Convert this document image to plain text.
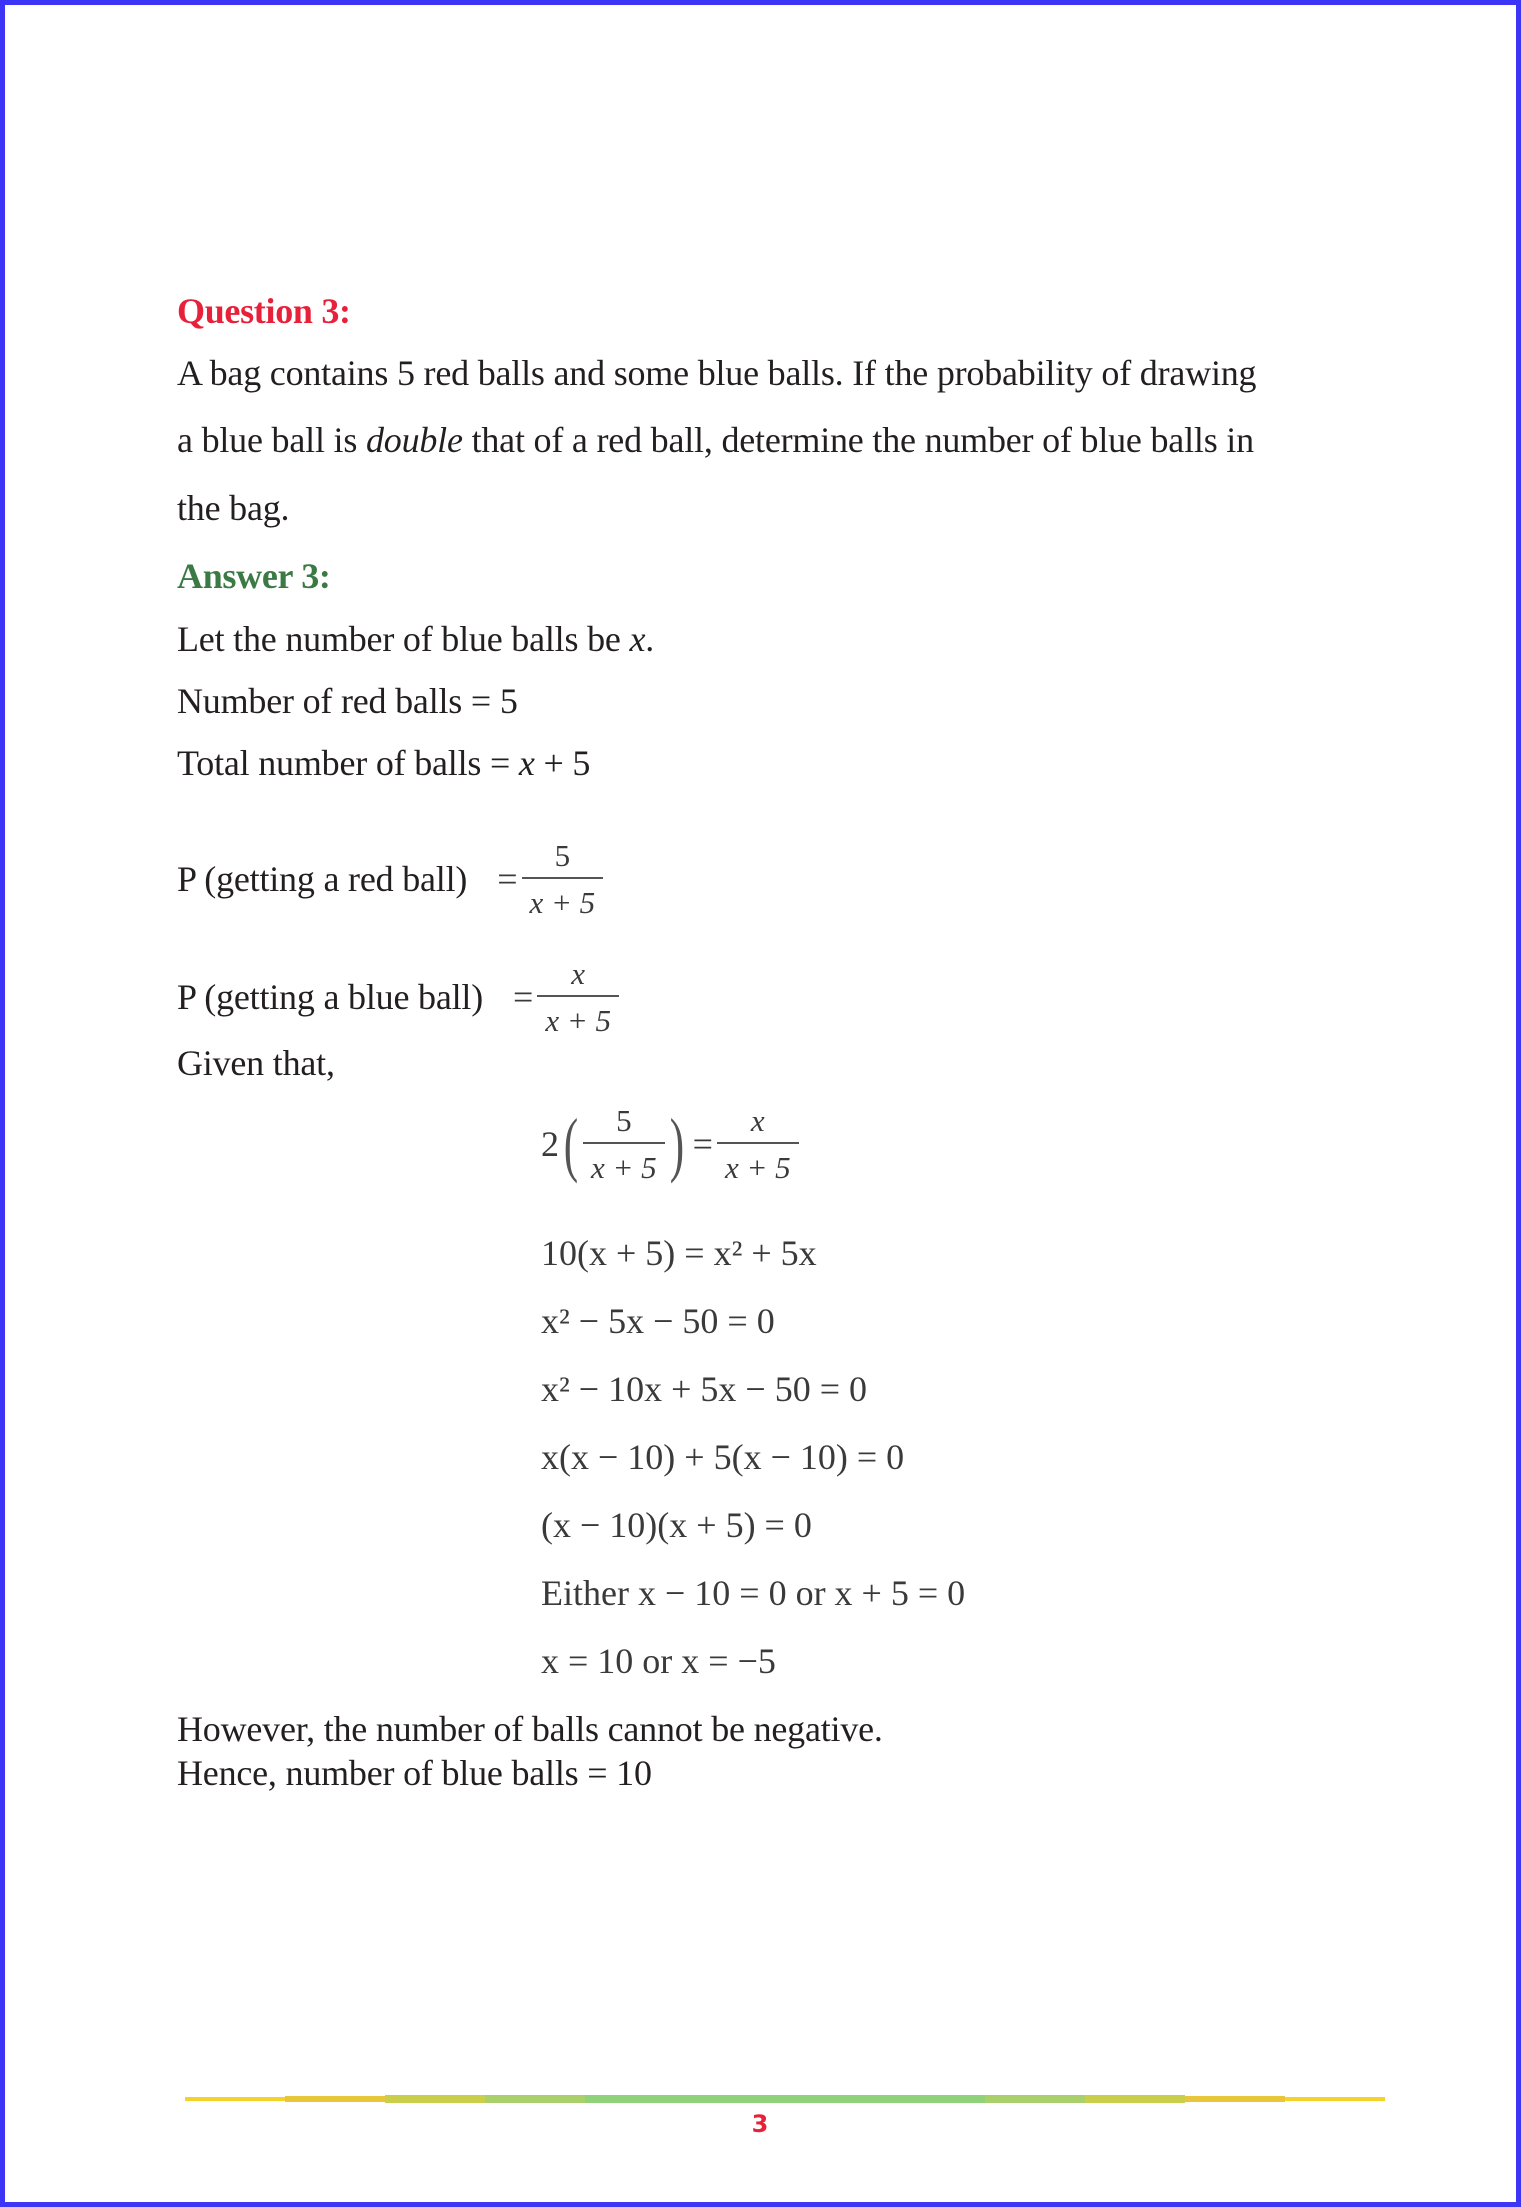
Question 3:
A bag contains 5 red balls and some blue balls. If the probability of drawing
a blue ball is double that of a red ball, determine the number of blue balls in
the bag.
Answer 3:
Let the number of blue balls be x.
Number of red balls = 5
Total number of balls = x + 5
P (getting a red ball) = $\frac{5}{x + 5}$
P (getting a blue ball) = $\frac{x}{x + 5}$
Given that,
$2( \frac{5}{x + 5}$ ) = $\frac{x}{x + 5}$
10(x + 5) = x² + 5x
x² − 5x − 50 = 0
x² − 10x + 5x − 50 = 0
x(x − 10) + 5(x − 10) = 0
(x − 10)(x + 5) = 0
Either x − 10 = 0 or x + 5 = 0
x = 10 or x = −5
However, the number of balls cannot be negative.
Hence, number of blue balls = 10
3
